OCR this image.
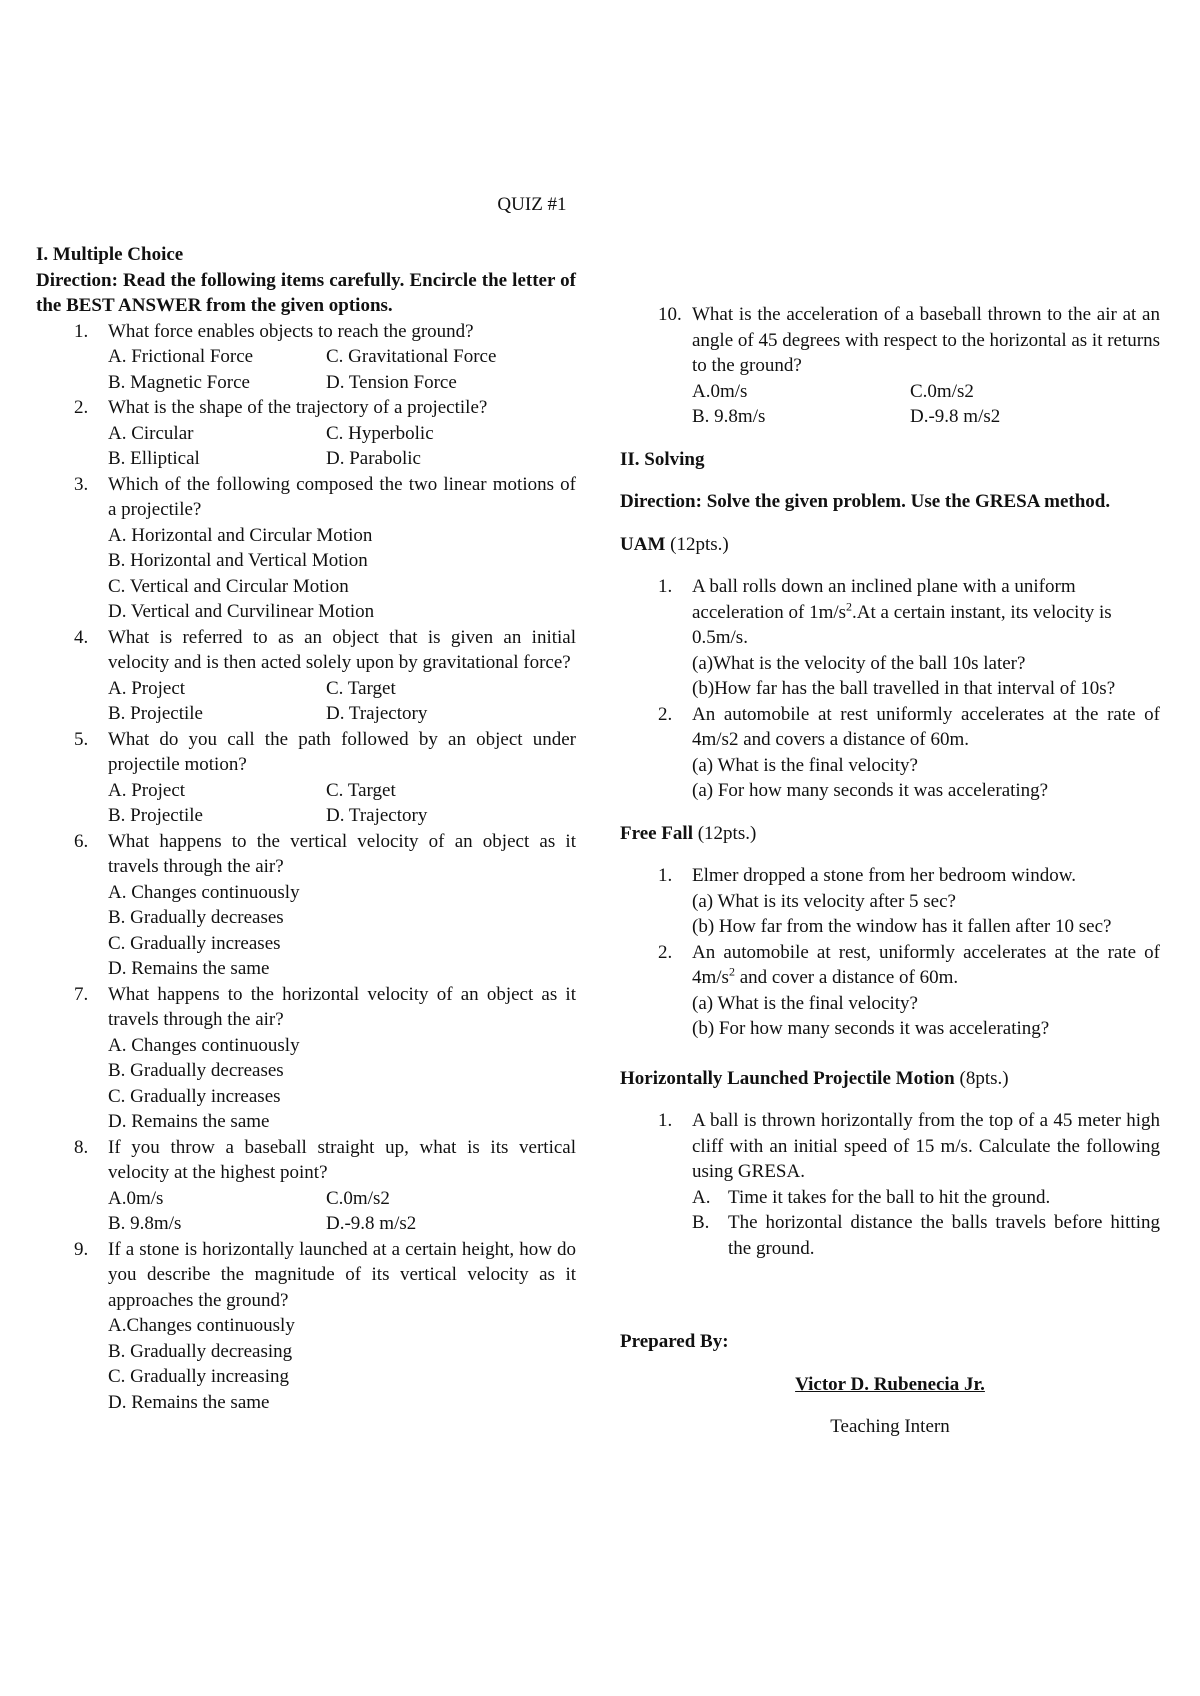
QUIZ #1
I. Multiple Choice
Direction: Read the following items carefully. Encircle the letter of the BEST ANSWER from the given options.
1. What force enables objects to reach the ground?
A. Frictional Force	C. Gravitational Force
B. Magnetic Force	D. Tension Force
2. What is the shape of the trajectory of a projectile?
A. Circular	C. Hyperbolic
B. Elliptical	D. Parabolic
3. Which of the following composed the two linear motions of a projectile?
A. Horizontal and Circular Motion
B. Horizontal and Vertical Motion
C. Vertical and Circular Motion
D. Vertical and Curvilinear Motion
4. What is referred to as an object that is given an initial velocity and is then acted solely upon by gravitational force?
A. Project	C. Target
B. Projectile	D. Trajectory
5. What do you call the path followed by an object under projectile motion?
A. Project	C. Target
B. Projectile	D. Trajectory
6. What happens to the vertical velocity of an object as it travels through the air?
A. Changes continuously
B. Gradually decreases
C. Gradually increases
D. Remains the same
7. What happens to the horizontal velocity of an object as it travels through the air?
A. Changes continuously
B. Gradually decreases
C. Gradually increases
D. Remains the same
8. If you throw a baseball straight up, what is its vertical velocity at the highest point?
A.0m/s	C.0m/s2
B. 9.8m/s	D.-9.8 m/s2
9. If a stone is horizontally launched at a certain height, how do you describe the magnitude of its vertical velocity as it approaches the ground?
A.Changes continuously
B. Gradually decreasing
C. Gradually increasing
D. Remains the same
10. What is the acceleration of a baseball thrown to the air at an angle of 45 degrees with respect to the horizontal as it returns to the ground?
A.0m/s	C.0m/s2
B. 9.8m/s	D.-9.8 m/s2
II. Solving
Direction: Solve the given problem. Use the GRESA method.
UAM (12pts.)
1. A ball rolls down an inclined plane with a uniform acceleration of $1m/s^2.At$ a certain instant, its velocity is 0.5m/s.
(a)What is the velocity of the ball 10s later?
(b)How far has the ball travelled in that interval of 10s?
2. An automobile at rest uniformly accelerates at the rate of 4m/s2 and covers a distance of 60m.
(a) What is the final velocity?
(a) For how many seconds it was accelerating?
Free Fall (12pts.)
1. Elmer dropped a stone from her bedroom window.
(a) What is its velocity after 5 sec?
(b) How far from the window has it fallen after 10 sec?
2. An automobile at rest, uniformly accelerates at the rate of $4m/s^2$ and cover a distance of 60m.
(a) What is the final velocity?
(b) For how many seconds it was accelerating?
Horizontally Launched Projectile Motion (8pts.)
1. A ball is thrown horizontally from the top of a 45 meter high cliff with an initial speed of 15 m/s. Calculate the following using GRESA.
A. Time it takes for the ball to hit the ground.
B. The horizontal distance the balls travels before hitting the ground.
Prepared By:
Victor D. Rubenecia Jr.
Teaching Intern
